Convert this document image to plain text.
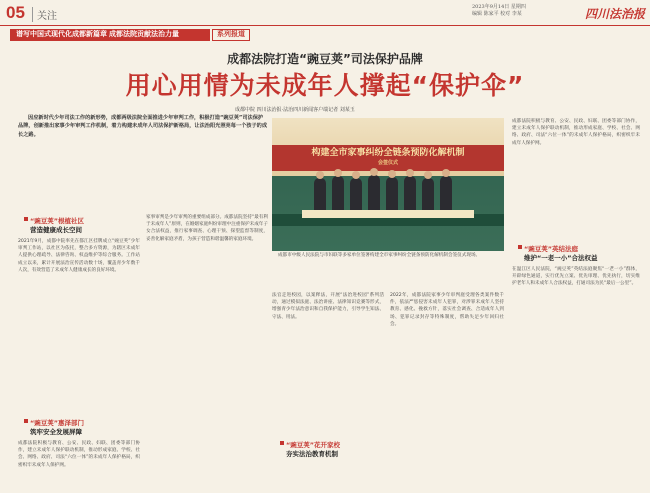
05	关注
2023年9月14日 星期四
编辑 陈家平 校对 李某	四川法治报
谱写中国式现代化成都新篇章 成都法院贡献法治力量	系列报道
成都法院打造“豌豆荚”司法保护品牌
用心用情为未成年人撑起“保护伞”
成都中院 四川法治报·法治四川新闻客户端记者 刘某玉
因应新时代少年司法工作的新形势，成都两级法院全面推进少年审判工作，积极打造“豌豆荚”司法保护品牌，创新推出家事少年审判工作机制，着力构建未成年人司法保护新格局，让法治阳光照亮每一个孩子的成长之路。
构建全市家事纠纷全链条预防化解机制
会签仪式
成都市中级人民法院与市妇联等多家单位签署构建全市家事纠纷全链条预防化解机制会签仪式现场。
“豌豆荚”根植社区
营造健康成长空间
2021年9月，成都中院率先在都江区挂牌成立“豌豆荚”少年审判工作站，以社区为依托，整合多方资源，为辖区未成年人提供心理疏导、法律咨询、权益维护等综合服务。工作站成立以来，累计开展法治宣传活动数十场，覆盖青少年数千人次，有效营造了未成年人健康成长的良好环境。
“豌豆荚”惠泽部门
筑牢安全发展屏障
成都法院积极与教育、公安、民政、妇联、团委等部门协作，建立未成年人保护联动机制，推动形成家庭、学校、社会、网络、政府、司法“六位一体”的未成年人保护格局，织密织牢未成年人保护网。
家事审判是少年审判的重要组成部分。成都法院坚持“最有利于未成年人”原则，在婚姻家庭纠纷审理中注重保护未成年子女合法权益，推行家事调查、心理干预、探望监督等制度，妥善化解家庭矛盾，为孩子营造和谐温馨的家庭环境。
法官走进校园，以案释法，开展“法治进校园”系列活动，通过模拟法庭、法治讲座、法律知识竞赛等形式，增强青少年法治意识和自我保护能力，引导学生知法、守法、用法。
2022年，成都法院家事少年审判庭受理各类案件数千件，依法严惩侵害未成年人犯罪，对涉罪未成年人坚持教育、感化、挽救方针，落实社会调查、合适成年人到场、犯罪记录封存等特殊制度，帮助失足少年回归社会。
“豌豆荚”花开家校
夯实法治教育机制
成都法院积极与教育、公安、民政、妇联、团委等部门协作，建立未成年人保护联动机制，推动形成家庭、学校、社会、网络、政府、司法“六位一体”的未成年人保护格局，织密织牢未成年人保护网。
“豌豆荚”英结法庭
维护“一老一小”合法权益
在温江区人民法院，“豌豆荚”英结法庭聚焦“一老一小”群体，开辟绿色通道，实行优先立案、优先审理、优先执行，切实维护老年人和未成年人合法权益，打通司法为民“最后一公里”。
